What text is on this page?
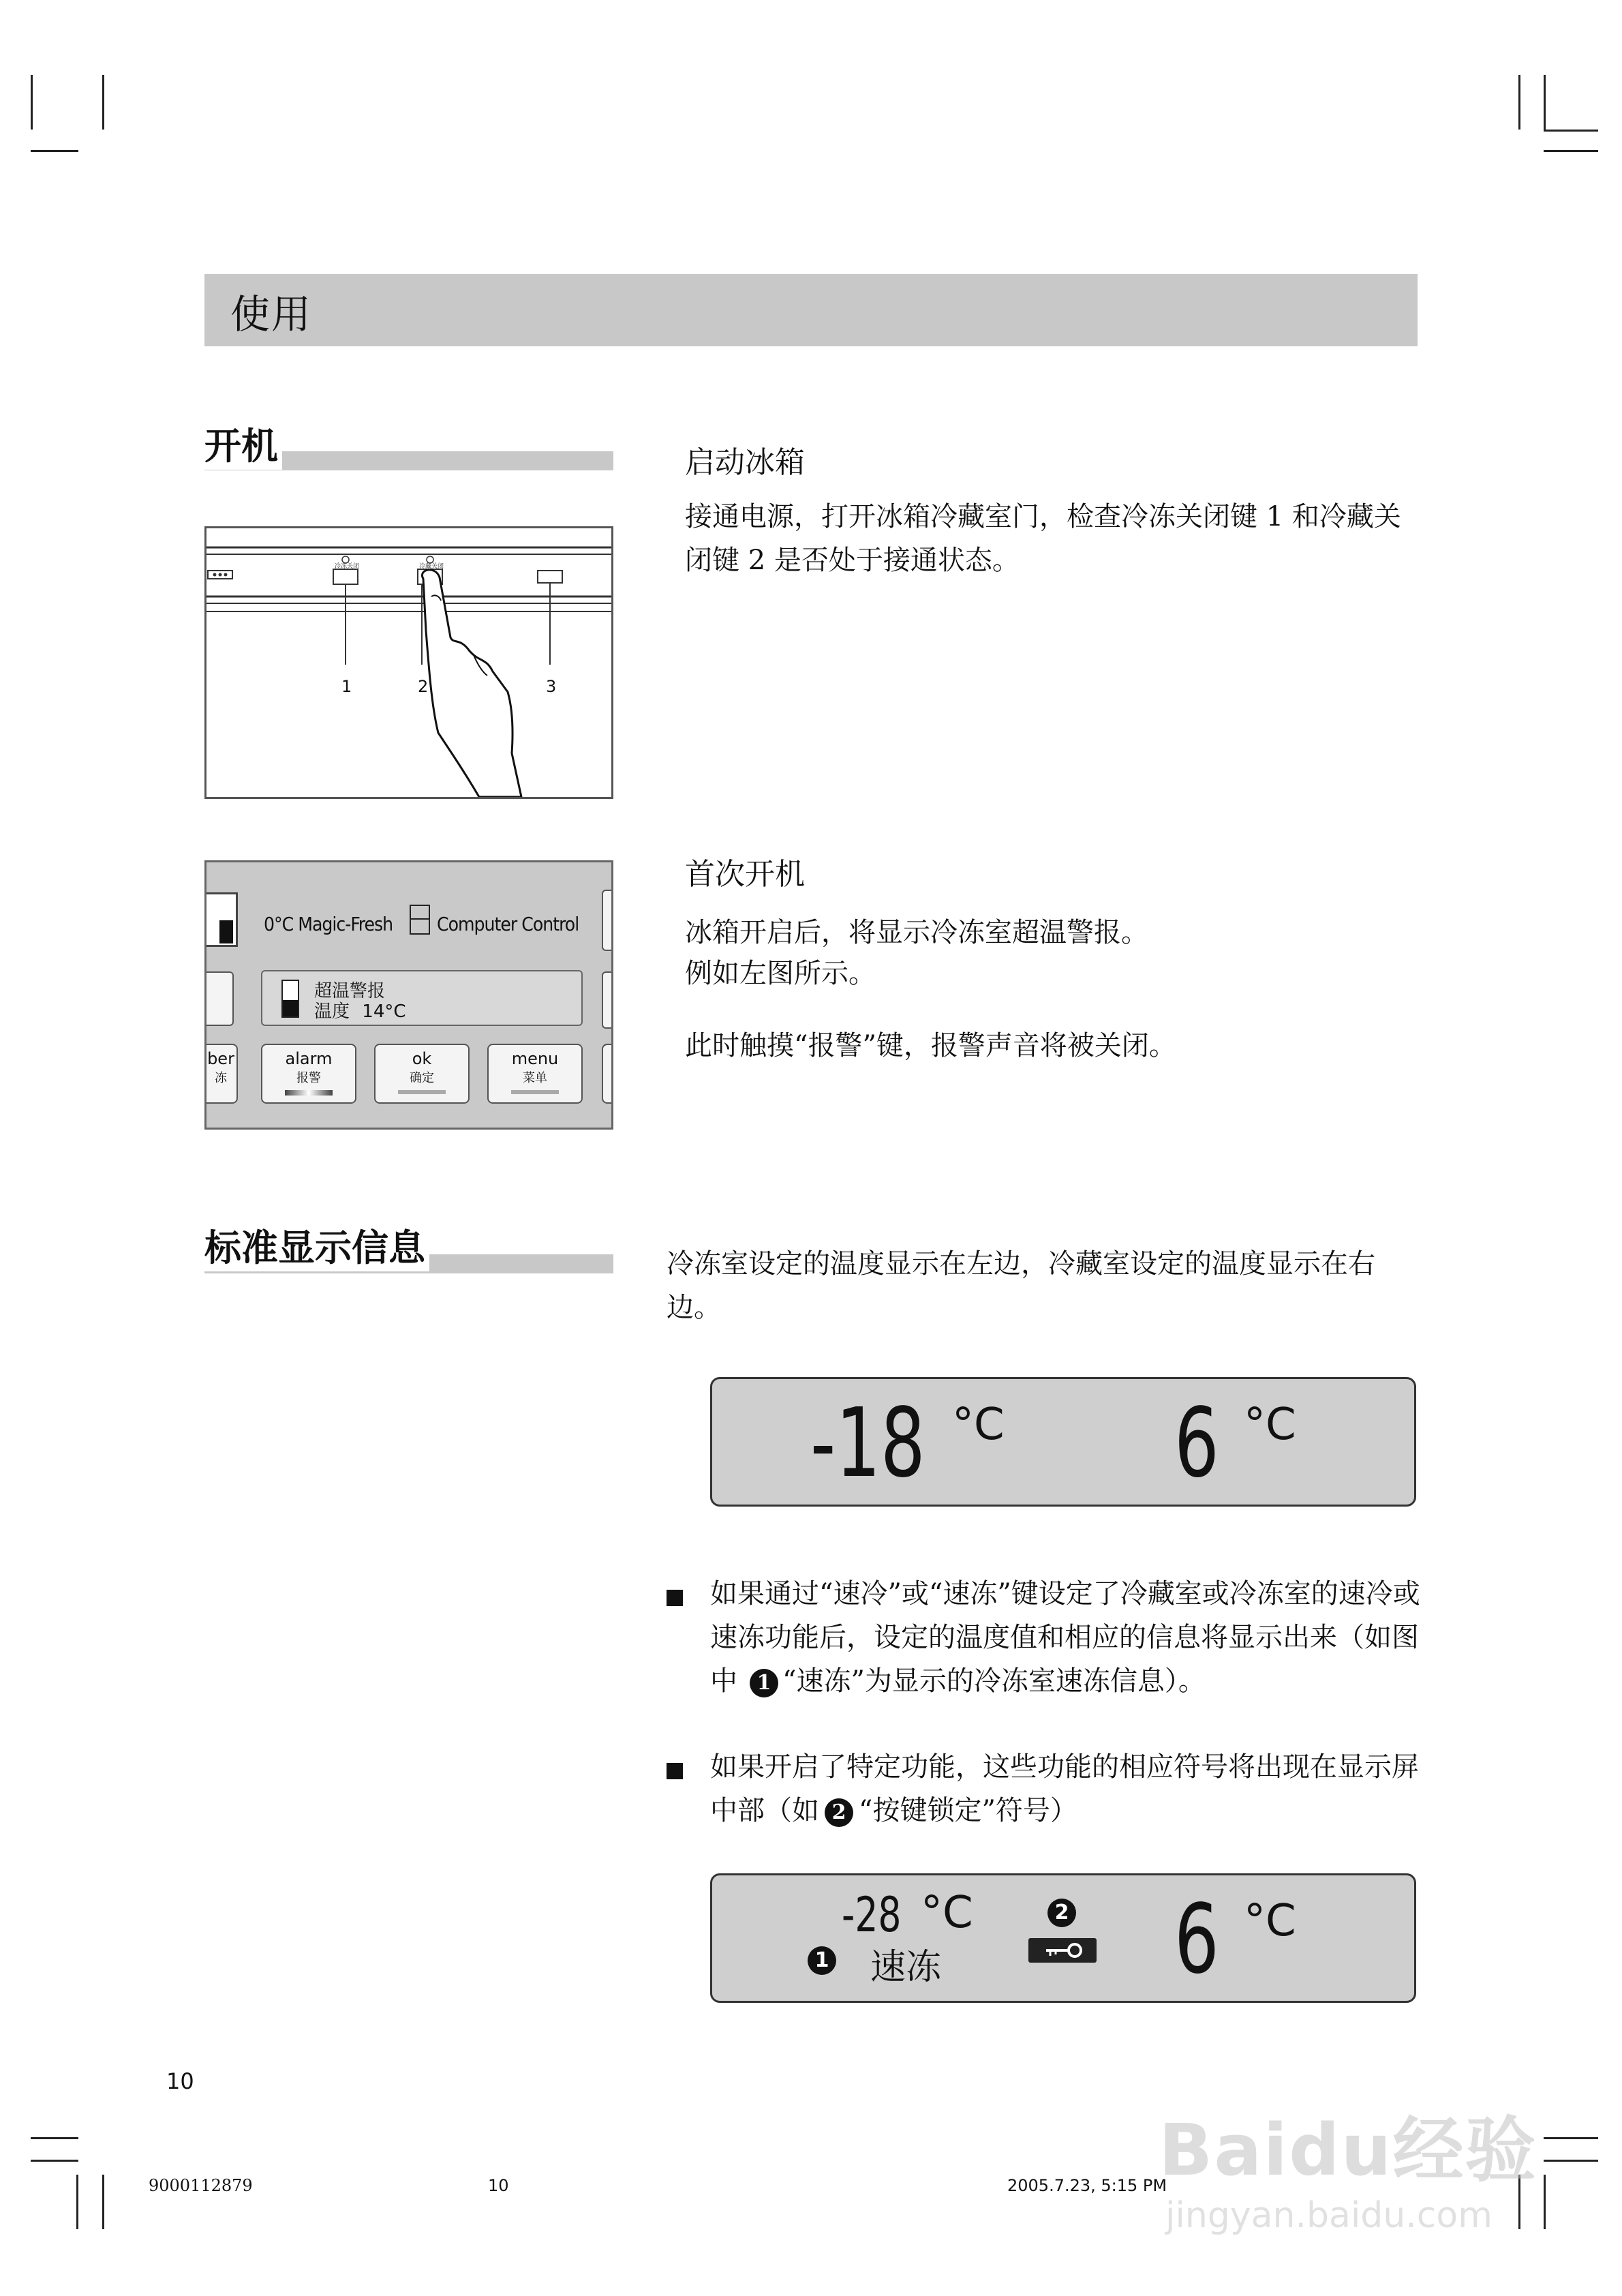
使用
开机
冷冻关闭	冷藏关闭
1	2	3
启动冰箱
接通电源，打开冰箱冷藏室门，检查冷冻关闭键 1 和冷藏关闭键 2 是否处于接通状态。
0°C Magic-Fresh Computer Control
超温警报
温度 14°C
ber
冻
alarm
报警
ok
确定
menu
菜单
首次开机
冰箱开启后，将显示冷冻室超温警报。
例如左图所示。
此时触摸“报警”键，报警声音将被关闭。
标准显示信息	冷冻室设定的温度显示在左边，冷藏室设定的温度显示在右边。
-18 °C 6 °C
如果通过“速冷”或“速冻”键设定了冷藏室或冷冻室的速冷或速冻功能后，设定的温度值和相应的信息将显示出来（如图中 1 “速冻”为显示的冷冻室速冻信息）。
如果开启了特定功能，这些功能的相应符号将出现在显示屏中部（如 2 “按键锁定”符号）
-28 °C
1 速冻
2 6 °C
10
9000112879	10	2005.7.23, 5:15 PM
Baidu经验
jingyan.baidu.com
